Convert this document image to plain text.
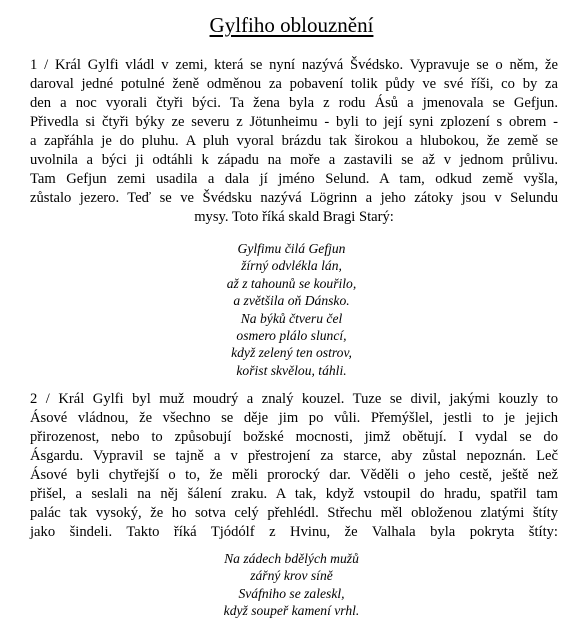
Gylfiho oblouznění
1 / Král Gylfi vládl v zemi, která se nyní nazývá Švédsko. Vypravuje se o něm, že
daroval jedné potulné ženě odměnou za pobavení tolik půdy ve své říši, co by za
den a noc vyorali čtyři býci. Ta žena byla z rodu Ásů a jmenovala se Gefjun.
Přivedla si čtyři býky ze severu z Jötunheimu - byli to její syni zplození s obrem -
a zapřáhla je do pluhu. A pluh vyoral brázdu tak širokou a hlubokou, že země se
uvolnila a býci ji odtáhli k západu na moře a zastavili se až v jednom průlivu.
Tam Gefjun zemi usadila a dala jí jméno Selund. A tam, odkud země vyšla,
zůstalo jezero. Teď se ve Švédsku nazývá Lögrinn a jeho zátoky jsou v Selundu
mysy. Toto říká skald Bragi Starý:
Gylfimu čilá Gefjun
žírný odvlékla lán,
až z tahounů se kouřilo,
a zvětšila oň Dánsko.
Na býků čtveru čel
osmero plálo sluncí,
když zelený ten ostrov,
kořist skvělou, táhli.
2 / Král Gylfi byl muž moudrý a znalý kouzel. Tuze se divil, jakými kouzly to
Ásové vládnou, že všechno se děje jim po vůli. Přemýšlel, jestli to je jejich
přirozenost, nebo to způsobují božské mocnosti, jimž obětují. I vydal se do
Ásgardu. Vypravil se tajně a v přestrojení za starce, aby zůstal nepoznán. Leč
Ásové byli chytřejší o to, že měli prorocký dar. Věděli o jeho cestě, ještě než
přišel, a seslali na něj šálení zraku. A tak, když vstoupil do hradu, spatřil tam
palác tak vysoký, že ho sotva celý přehlédl. Střechu měl obloženou zlatými štíty
jako šindeli. Takto říká Tjódólf z Hvinu, že Valhala byla pokryta štíty:
Na zádech bdělých mužů
zářný krov síně
Sváfniho se zaleskl,
když soupeř kamení vrhl.
